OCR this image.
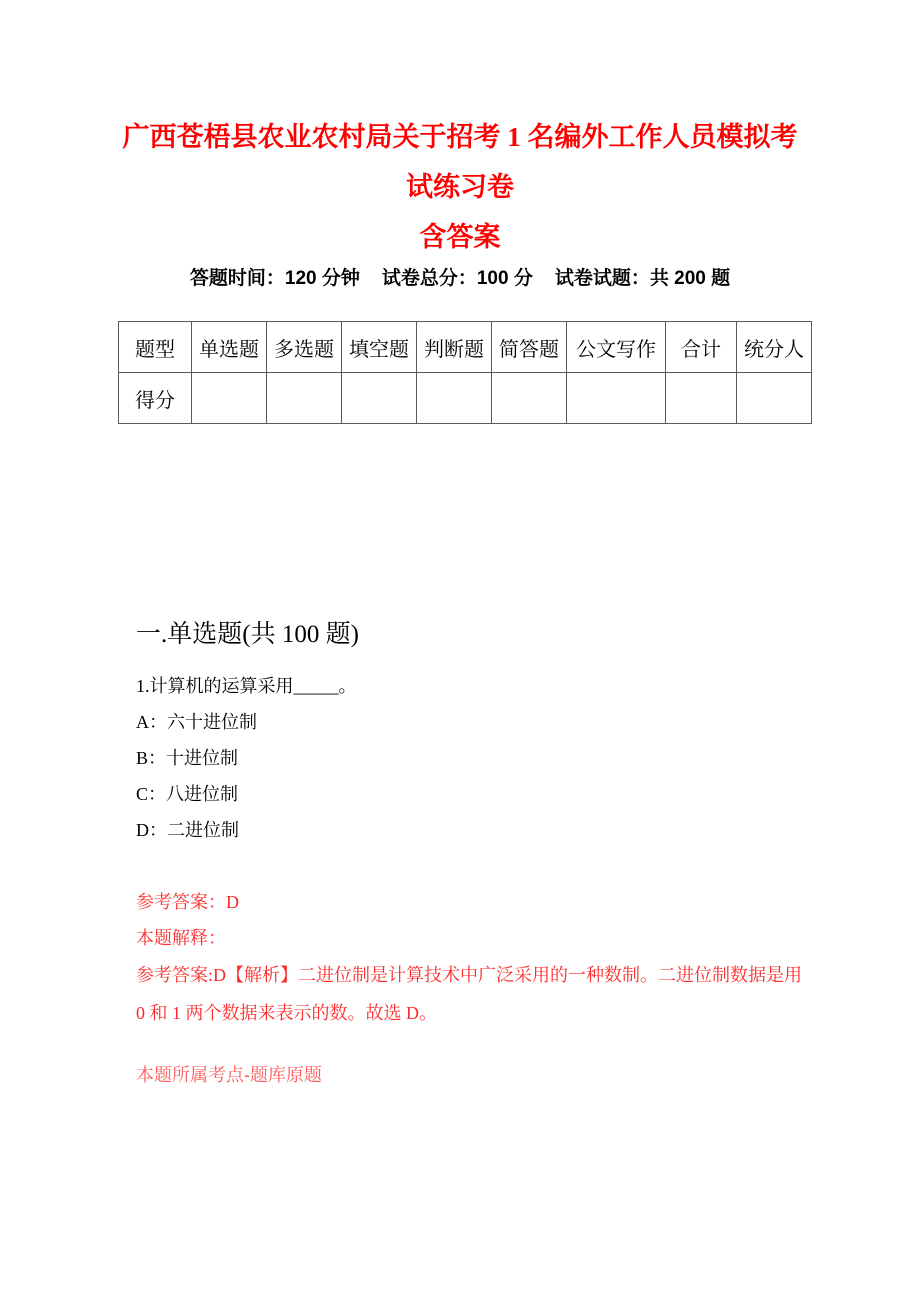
广西苍梧县农业农村局关于招考 1 名编外工作人员模拟考试练习卷
含答案
答题时间：120 分钟 试卷总分：100 分 试卷试题：共 200 题
题型	单选题	多选题	填空题	判断题	简答题	公文写作	合计	统分人
得分								
一.单选题(共 100 题)
1.计算机的运算采用_____。
A：六十进位制
B：十进位制
C：八进位制
D：二进位制
参考答案：D
本题解释：
参考答案:D【解析】二进位制是计算技术中广泛采用的一种数制。二进位制数据是用 0 和 1 两个数据来表示的数。故选 D。
本题所属考点-题库原题
